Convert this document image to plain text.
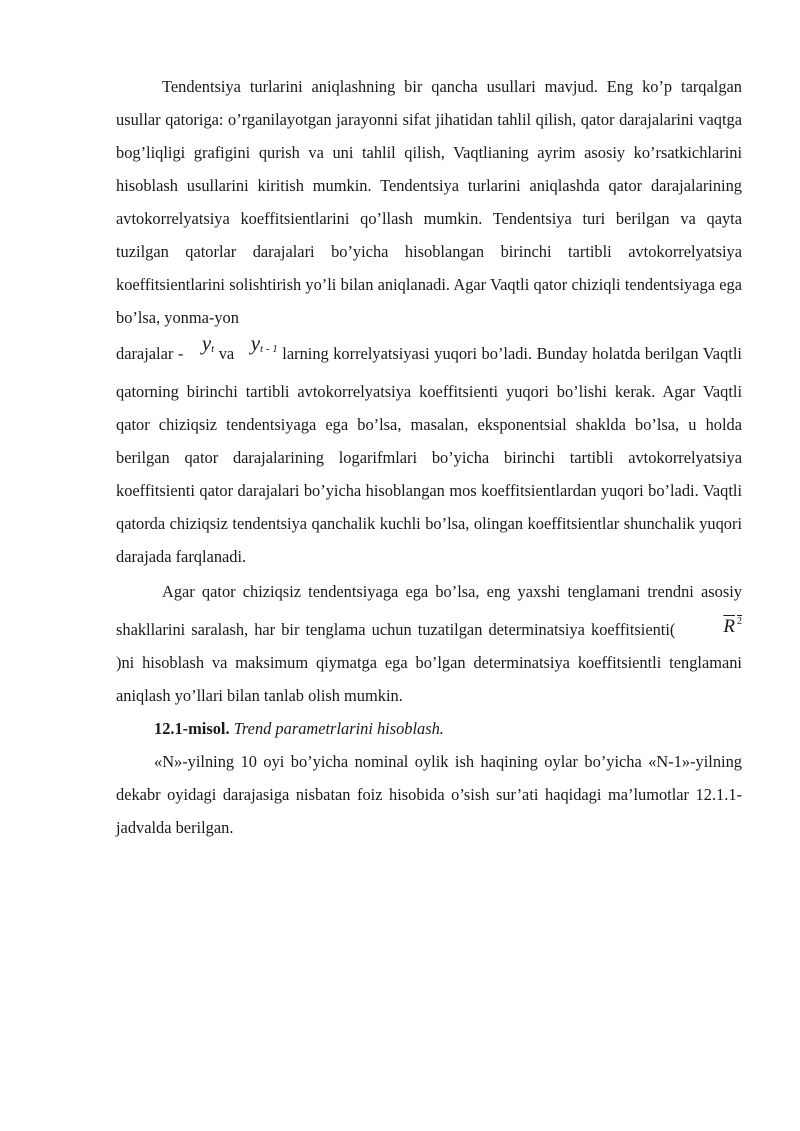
Tendentsiya turlarini aniqlashning bir qancha usullari mavjud. Eng ko’p tarqalgan usullar qatoriga: o’rganilayotgan jarayonni sifat jihatidan tahlil qilish, qator darajalarini vaqtga bog’liqligi grafigini qurish va uni tahlil qilish, Vaqtlianing ayrim asosiy ko’rsatkichlarini hisoblash usullarini kiritish mumkin. Tendentsiya turlarini aniqlashda qator darajalarining avtokorrelyatsiya koeffitsientlarini qo’llash mumkin. Tendentsiya turi berilgan va qayta tuzilgan qatorlar darajalari bo’yicha hisoblangan birinchi tartibli avtokorrelyatsiya koeffitsientlarini solishtirish yo’li bilan aniqlanadi. Agar Vaqtli qator chiziqli tendentsiyaga ega bo’lsa, yonma-yon

darajalar - $y_t$ va $y_{t - 1}$ larning korrelyatsiyasi yuqori bo’ladi. Bunday holatda berilgan Vaqtli qatorning birinchi tartibli avtokorrelyatsiya koeffitsienti yuqori bo’lishi kerak. Agar Vaqtli qator chiziqsiz tendentsiyaga ega bo’lsa, masalan, eksponentsial shaklda bo’lsa, u holda berilgan qator darajalarining logarifmlari bo’yicha birinchi tartibli avtokorrelyatsiya koeffitsienti qator darajalari bo’yicha hisoblangan mos koeffitsientlardan yuqori bo’ladi. Vaqtli qatorda chiziqsiz tendentsiya qanchalik kuchli bo’lsa, olingan koeffitsientlar shunchalik yuqori darajada farqlanadi.

Agar qator chiziqsiz tendentsiyaga ega bo’lsa, eng yaxshi tenglamani trendni asosiy shakllarini saralash, har bir tenglama uchun tuzatilgan determinatsiya koeffitsienti(	R $^2$)ni hisoblash va maksimum qiymatga ega bo’lgan determinatsiya koeffitsientli tenglamani aniqlash yo’llari bilan tanlab olish mumkin.

12.1-misol. Trend parametrlarini hisoblash.

«N»-yilning 10 oyi bo’yicha nominal oylik ish haqining oylar bo’yicha «N-1»-yilning dekabr oyidagi darajasiga nisbatan foiz hisobida o’sish sur’ati haqidagi ma’lumotlar 12.1.1-jadvalda berilgan.
